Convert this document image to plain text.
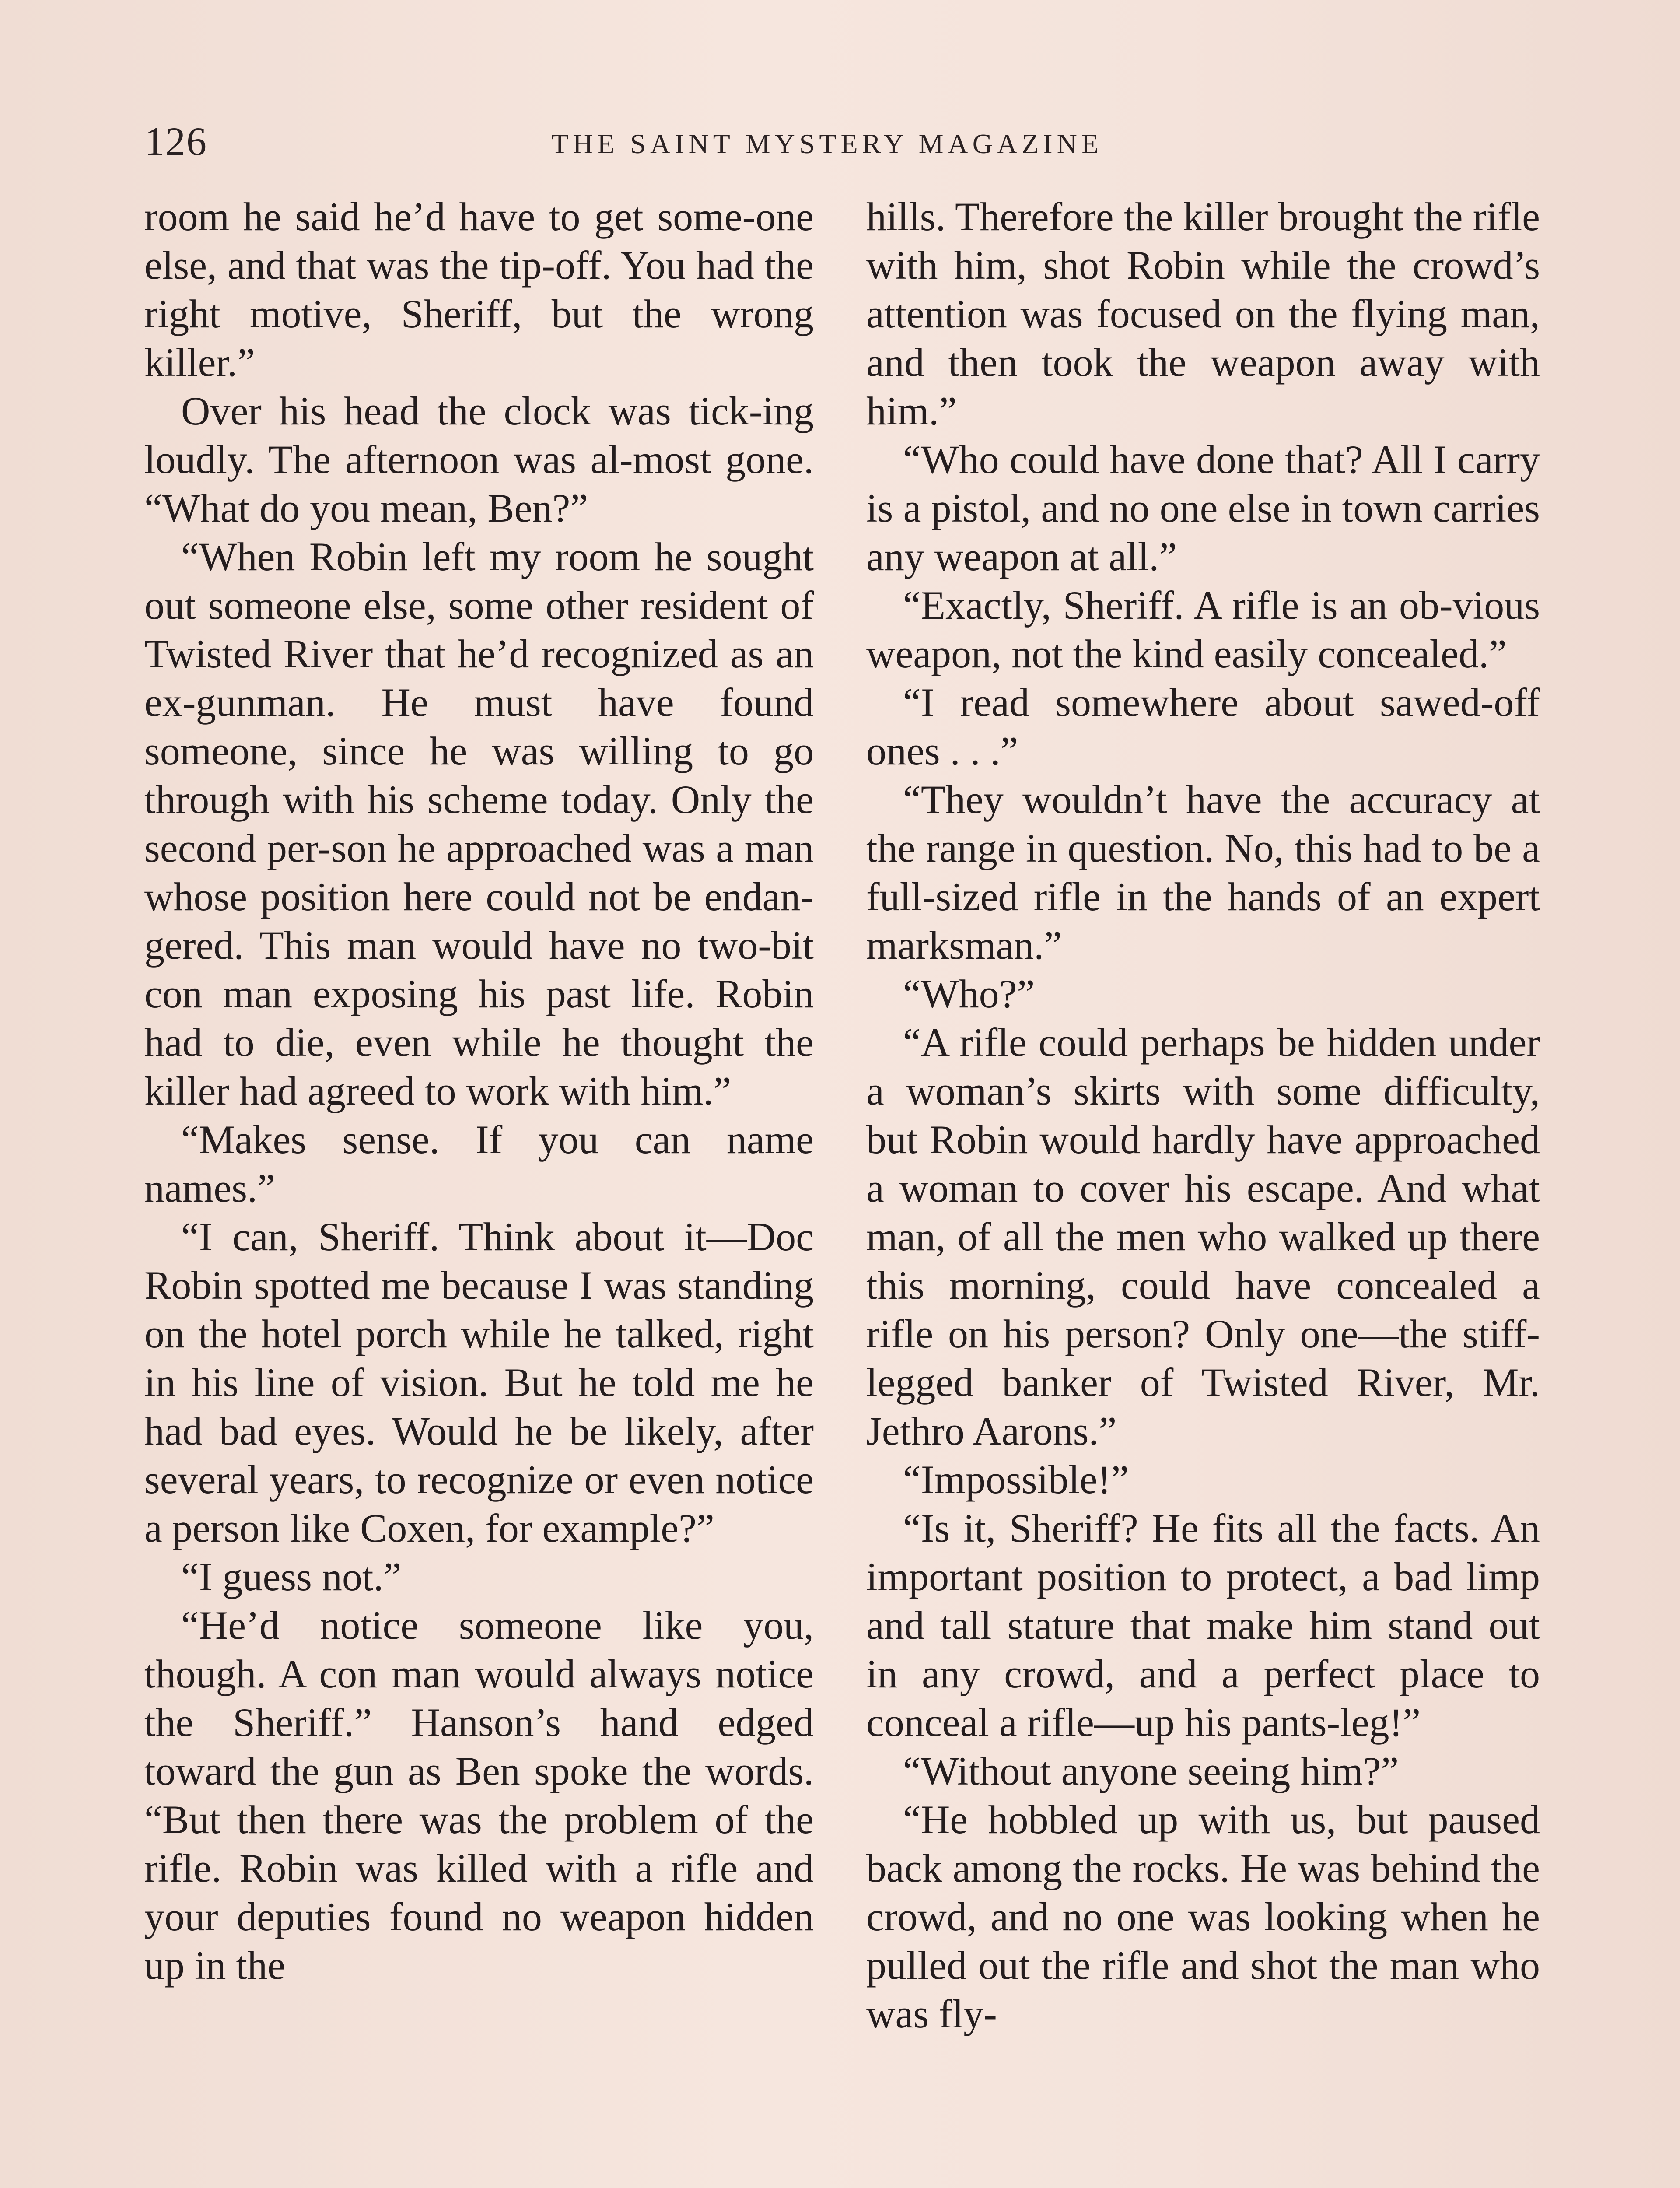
126	THE SAINT MYSTERY MAGAZINE

room he said he’d have to get some-one else, and that was the tip-off. You had the right motive, Sheriff, but the wrong killer.”

Over his head the clock was tick-ing loudly. The afternoon was al-most gone. “What do you mean, Ben?”

“When Robin left my room he sought out someone else, some other resident of Twisted River that he’d recognized as an ex-gunman. He must have found someone, since he was willing to go through with his scheme today. Only the second per-son he approached was a man whose position here could not be endan-gered. This man would have no two-bit con man exposing his past life. Robin had to die, even while he thought the killer had agreed to work with him.”

“Makes sense. If you can name names.”

“I can, Sheriff. Think about it—Doc Robin spotted me because I was standing on the hotel porch while he talked, right in his line of vision. But he told me he had bad eyes. Would he be likely, after several years, to recognize or even notice a person like Coxen, for example?”

“I guess not.”

“He’d notice someone like you, though. A con man would always notice the Sheriff.” Hanson’s hand edged toward the gun as Ben spoke the words. “But then there was the problem of the rifle. Robin was killed with a rifle and your deputies found no weapon hidden up in the

hills. Therefore the killer brought the rifle with him, shot Robin while the crowd’s attention was focused on the flying man, and then took the weapon away with him.”

“Who could have done that? All I carry is a pistol, and no one else in town carries any weapon at all.”

“Exactly, Sheriff. A rifle is an ob-vious weapon, not the kind easily concealed.”

“I read somewhere about sawed-off ones . . .”

“They wouldn’t have the accuracy at the range in question. No, this had to be a full-sized rifle in the hands of an expert marksman.”

“Who?”

“A rifle could perhaps be hidden under a woman’s skirts with some difficulty, but Robin would hardly have approached a woman to cover his escape. And what man, of all the men who walked up there this morning, could have concealed a rifle on his person? Only one—the stiff-legged banker of Twisted River, Mr. Jethro Aarons.”

“Impossible!”

“Is it, Sheriff? He fits all the facts. An important position to protect, a bad limp and tall stature that make him stand out in any crowd, and a perfect place to conceal a rifle—up his pants-leg!”

“Without anyone seeing him?”

“He hobbled up with us, but paused back among the rocks. He was behind the crowd, and no one was looking when he pulled out the rifle and shot the man who was fly-
